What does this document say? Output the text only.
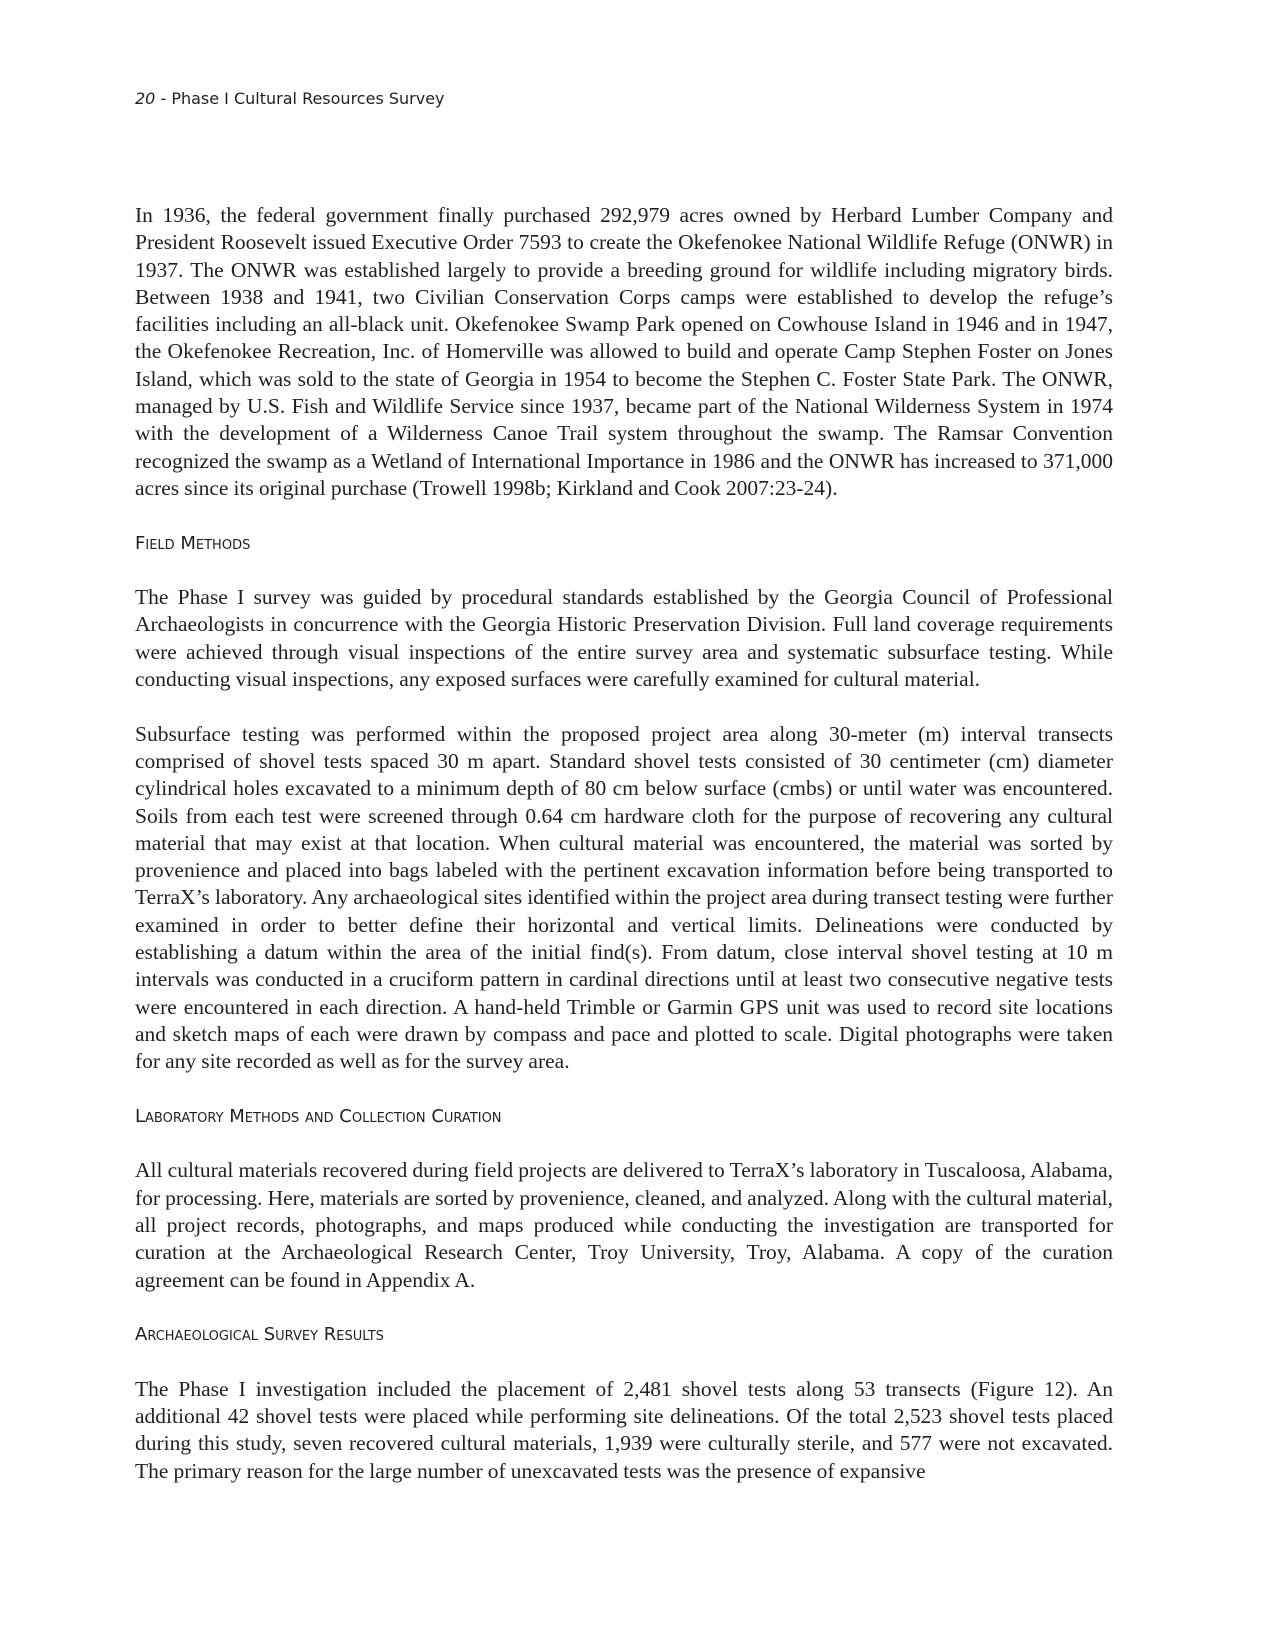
20 - Phase I Cultural Resources Survey

In 1936, the federal government finally purchased 292,979 acres owned by Herbard Lumber Company and President Roosevelt issued Executive Order 7593 to create the Okefenokee National Wildlife Refuge (ONWR) in 1937. The ONWR was established largely to provide a breeding ground for wildlife including migratory birds. Between 1938 and 1941, two Civilian Conservation Corps camps were established to develop the refuge’s facilities including an all-black unit. Okefenokee Swamp Park opened on Cowhouse Island in 1946 and in 1947, the Okefenokee Recreation, Inc. of Homerville was allowed to build and operate Camp Stephen Foster on Jones Island, which was sold to the state of Georgia in 1954 to become the Stephen C. Foster State Park. The ONWR, managed by U.S. Fish and Wildlife Service since 1937, became part of the National Wilderness System in 1974 with the development of a Wilderness Canoe Trail system throughout the swamp. The Ramsar Convention recognized the swamp as a Wetland of International Importance in 1986 and the ONWR has increased to 371,000 acres since its original purchase (Trowell 1998b; Kirkland and Cook 2007:23-24).

Field Methods

The Phase I survey was guided by procedural standards established by the Georgia Council of Professional Archaeologists in concurrence with the Georgia Historic Preservation Division. Full land coverage requirements were achieved through visual inspections of the entire survey area and systematic subsurface testing. While conducting visual inspections, any exposed surfaces were carefully examined for cultural material.

Subsurface testing was performed within the proposed project area along 30-meter (m) interval transects comprised of shovel tests spaced 30 m apart. Standard shovel tests consisted of 30 centimeter (cm) diameter cylindrical holes excavated to a minimum depth of 80 cm below surface (cmbs) or until water was encountered. Soils from each test were screened through 0.64 cm hardware cloth for the purpose of recovering any cultural material that may exist at that location. When cultural material was encountered, the material was sorted by provenience and placed into bags labeled with the pertinent excavation information before being transported to TerraX’s laboratory. Any archaeological sites identified within the project area during transect testing were further examined in order to better define their horizontal and vertical limits. Delineations were conducted by establishing a datum within the area of the initial find(s). From datum, close interval shovel testing at 10 m intervals was conducted in a cruciform pattern in cardinal directions until at least two consecutive negative tests were encountered in each direction. A hand-held Trimble or Garmin GPS unit was used to record site locations and sketch maps of each were drawn by compass and pace and plotted to scale. Digital photographs were taken for any site recorded as well as for the survey area.

Laboratory Methods and Collection Curation

All cultural materials recovered during field projects are delivered to TerraX’s laboratory in Tuscaloosa, Alabama, for processing. Here, materials are sorted by provenience, cleaned, and analyzed. Along with the cultural material, all project records, photographs, and maps produced while conducting the investigation are transported for curation at the Archaeological Research Center, Troy University, Troy, Alabama. A copy of the curation agreement can be found in Appendix A.

Archaeological Survey Results

The Phase I investigation included the placement of 2,481 shovel tests along 53 transects (Figure 12). An additional 42 shovel tests were placed while performing site delineations. Of the total 2,523 shovel tests placed during this study, seven recovered cultural materials, 1,939 were culturally sterile, and 577 were not excavated. The primary reason for the large number of unexcavated tests was the presence of expansive
